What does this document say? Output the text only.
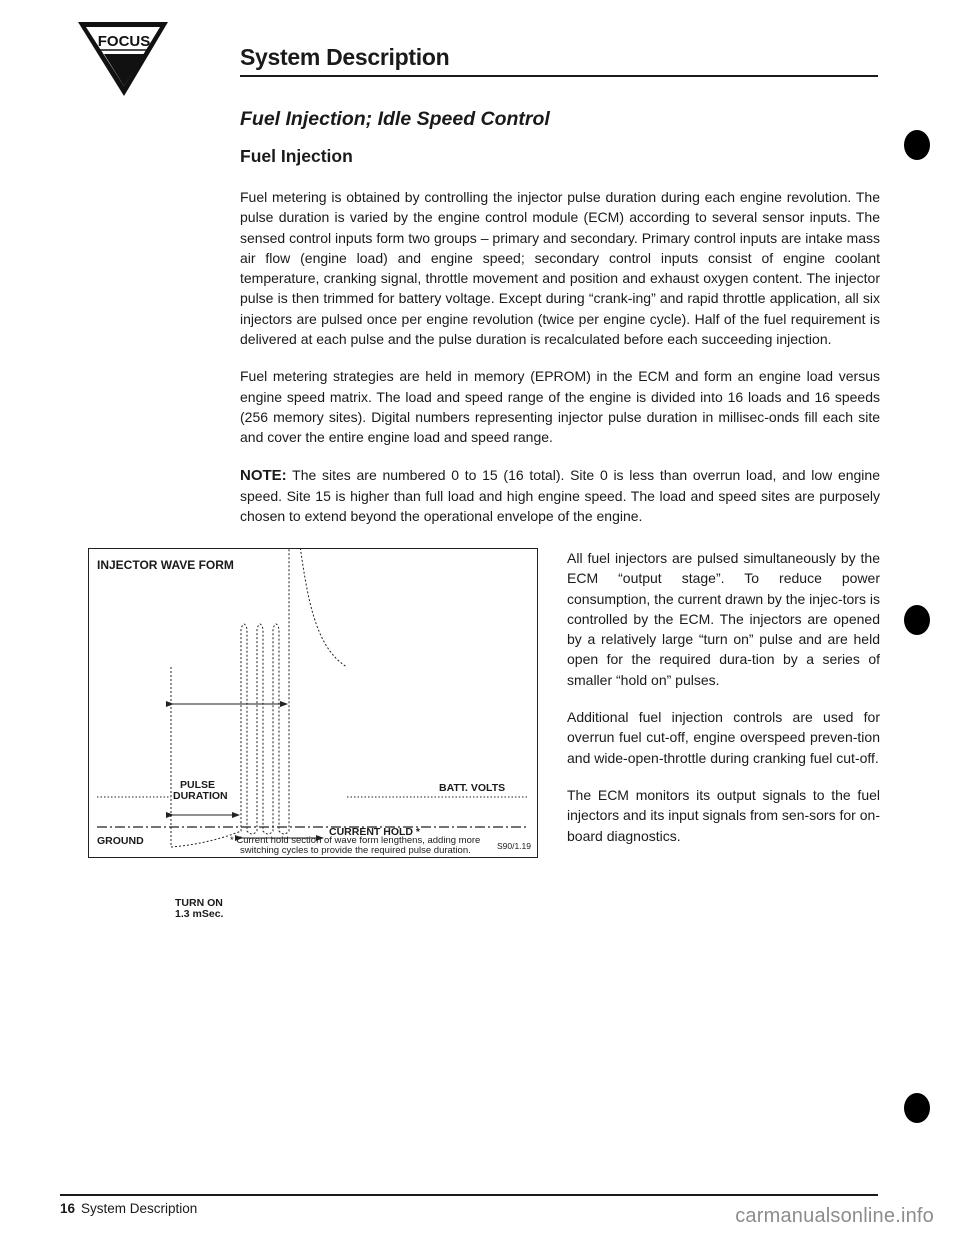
FOCUS
System Description
Fuel Injection; Idle Speed Control
Fuel Injection

Fuel metering is obtained by controlling the injector pulse duration during each engine revolution. The pulse duration is varied by the engine control module (ECM) according to several sensor inputs. The sensed control inputs form two groups – primary and secondary. Primary control inputs are intake mass air flow (engine load) and engine speed; secondary control inputs consist of engine coolant temperature, cranking signal, throttle movement and position and exhaust oxygen content. The injector pulse is then trimmed for battery voltage. Except during “crank-ing” and rapid throttle application, all six injectors are pulsed once per engine revolution (twice per engine cycle). Half of the fuel requirement is delivered at each pulse and the pulse duration is recalculated before each succeeding injection.

Fuel metering strategies are held in memory (EPROM) in the ECM and form an engine load versus engine speed matrix. The load and speed range of the engine is divided into 16 loads and 16 speeds (256 memory sites). Digital numbers representing injector pulse duration in millisec-onds fill each site and cover the entire engine load and speed range.

NOTE: The sites are numbered 0 to 15 (16 total). Site 0 is less than overrun load, and low engine speed. Site 15 is higher than full load and high engine speed. The load and speed sites are purposely chosen to extend beyond the operational envelope of the engine.

INJECTOR WAVE FORM
PULSE
DURATION
BATT. VOLTS
TURN ON
1.3 mSec.
CURRENT HOLD *
GROUND	* Current hold section of wave form lengthens, adding more
switching cycles to provide the required pulse duration.	S90/1.19

All fuel injectors are pulsed simultaneously by the ECM “output stage”. To reduce power consumption, the current drawn by the injec-tors is controlled by the ECM. The injectors are opened by a relatively large “turn on” pulse and are held open for the required dura-tion by a series of smaller “hold on” pulses.

Additional fuel injection controls are used for overrun fuel cut-off, engine overspeed preven-tion and wide-open-throttle during cranking fuel cut-off.

The ECM monitors its output signals to the fuel injectors and its input signals from sen-sors for on-board diagnostics.

16 System Description	carmanualsonline.info
